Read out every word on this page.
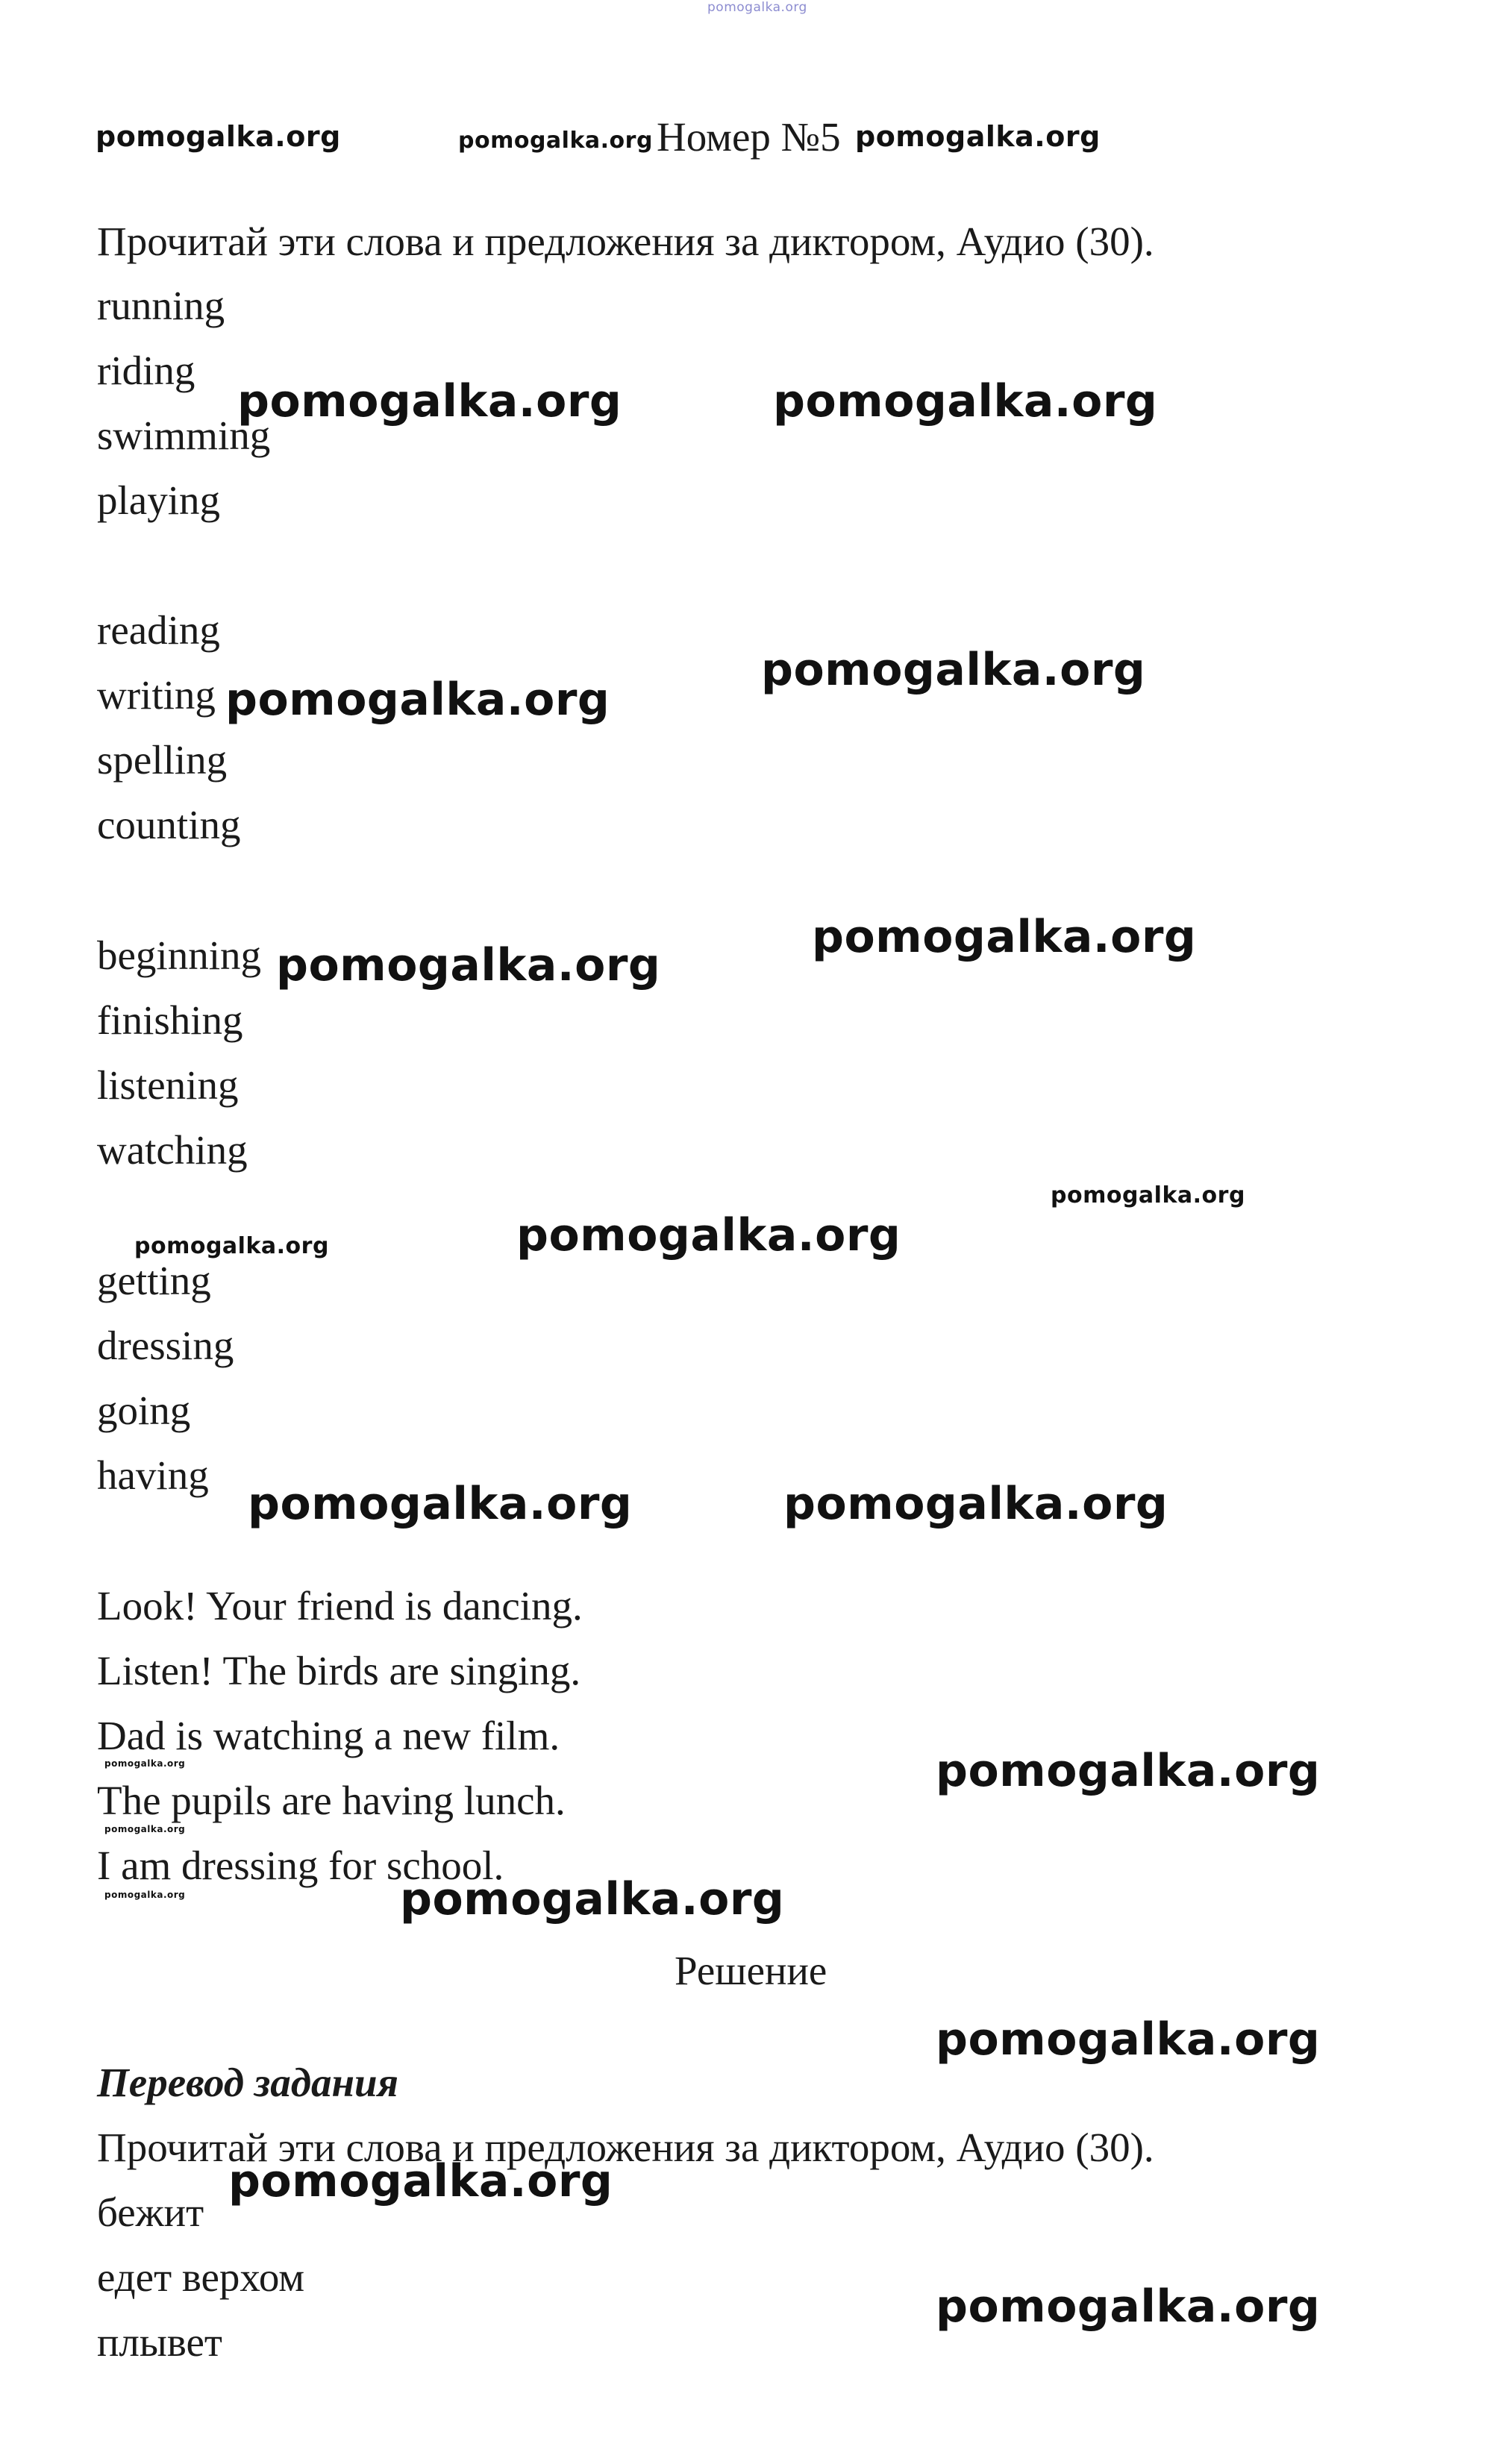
pomogalka.org
pomogalka.org	pomogalka.org Номер №5 pomogalka.org
Прочитай эти слова и предложения за диктором, Аудио (30).
running
riding
swimming
playing
pomogalka.org	pomogalka.org
reading
writing
spelling
counting
pomogalka.org
pomogalka.org
beginning
finishing
listening
watching
pomogalka.org
pomogalka.org
pomogalka.org
pomogalka.org	pomogalka.org
getting
dressing
going
having
pomogalka.org	pomogalka.org
Look! Your friend is dancing.
Listen! The birds are singing.
Dad is watching a new film.
The pupils are having lunch.
I am dressing for school.
pomogalka.org
pomogalka.org
pomogalka.org
pomogalka.org
pomogalka.org
Решение
pomogalka.org
Перевод задания
Прочитай эти слова и предложения за диктором, Аудио (30).
pomogalka.org
бежит
едет верхом
плывет
pomogalka.org
